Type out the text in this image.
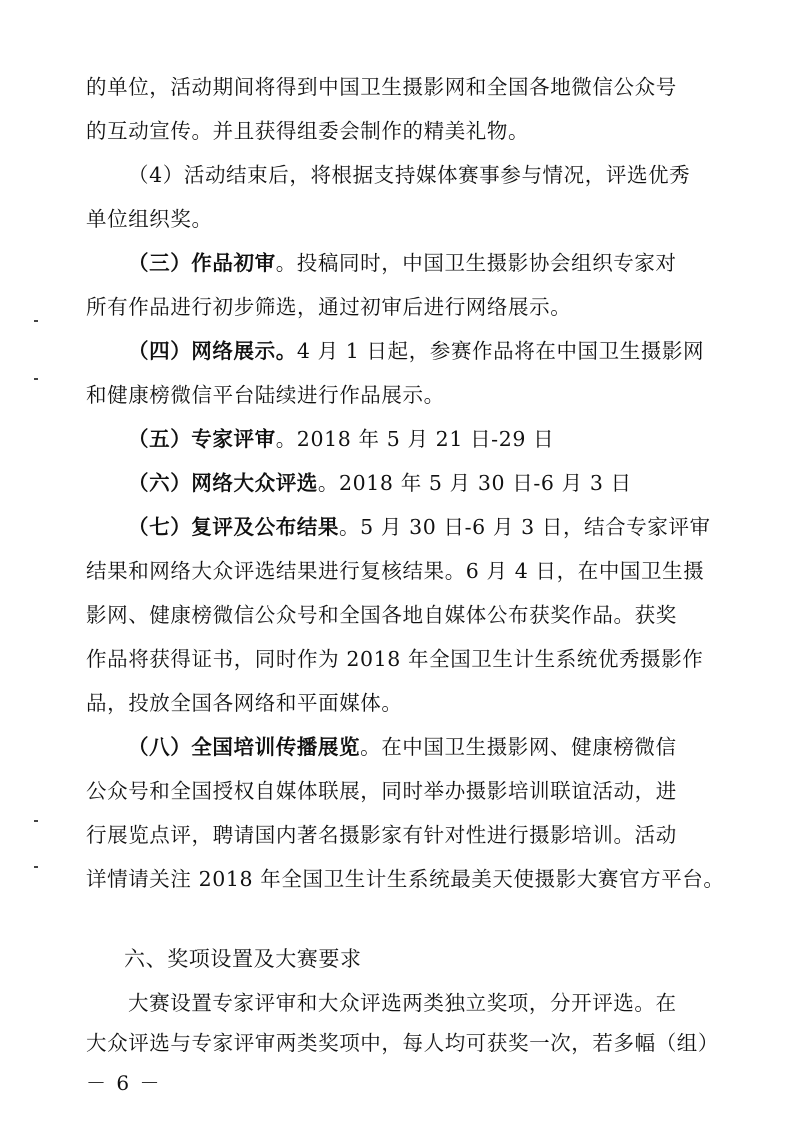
的单位，活动期间将得到中国卫生摄影网和全国各地微信公众号
的互动宣传。并且获得组委会制作的精美礼物。
（4）活动结束后，将根据支持媒体赛事参与情况，评选优秀
单位组织奖。
（三）作品初审。投稿同时，中国卫生摄影协会组织专家对
所有作品进行初步筛选，通过初审后进行网络展示。
（四）网络展示。4 月 1 日起，参赛作品将在中国卫生摄影网
和健康榜微信平台陆续进行作品展示。
（五）专家评审。2018 年 5 月 21 日-29 日
（六）网络大众评选。2018 年 5 月 30 日-6 月 3 日
（七）复评及公布结果。5 月 30 日-6 月 3 日，结合专家评审
结果和网络大众评选结果进行复核结果。6 月 4 日，在中国卫生摄
影网、健康榜微信公众号和全国各地自媒体公布获奖作品。获奖
作品将获得证书，同时作为 2018 年全国卫生计生系统优秀摄影作
品，投放全国各网络和平面媒体。
（八）全国培训传播展览。在中国卫生摄影网、健康榜微信
公众号和全国授权自媒体联展，同时举办摄影培训联谊活动，进
行展览点评，聘请国内著名摄影家有针对性进行摄影培训。活动
详情请关注 2018 年全国卫生计生系统最美天使摄影大赛官方平台。
六、奖项设置及大赛要求
大赛设置专家评审和大众评选两类独立奖项，分开评选。在
大众评选与专家评审两类奖项中，每人均可获奖一次，若多幅（组）
－ 6 －
